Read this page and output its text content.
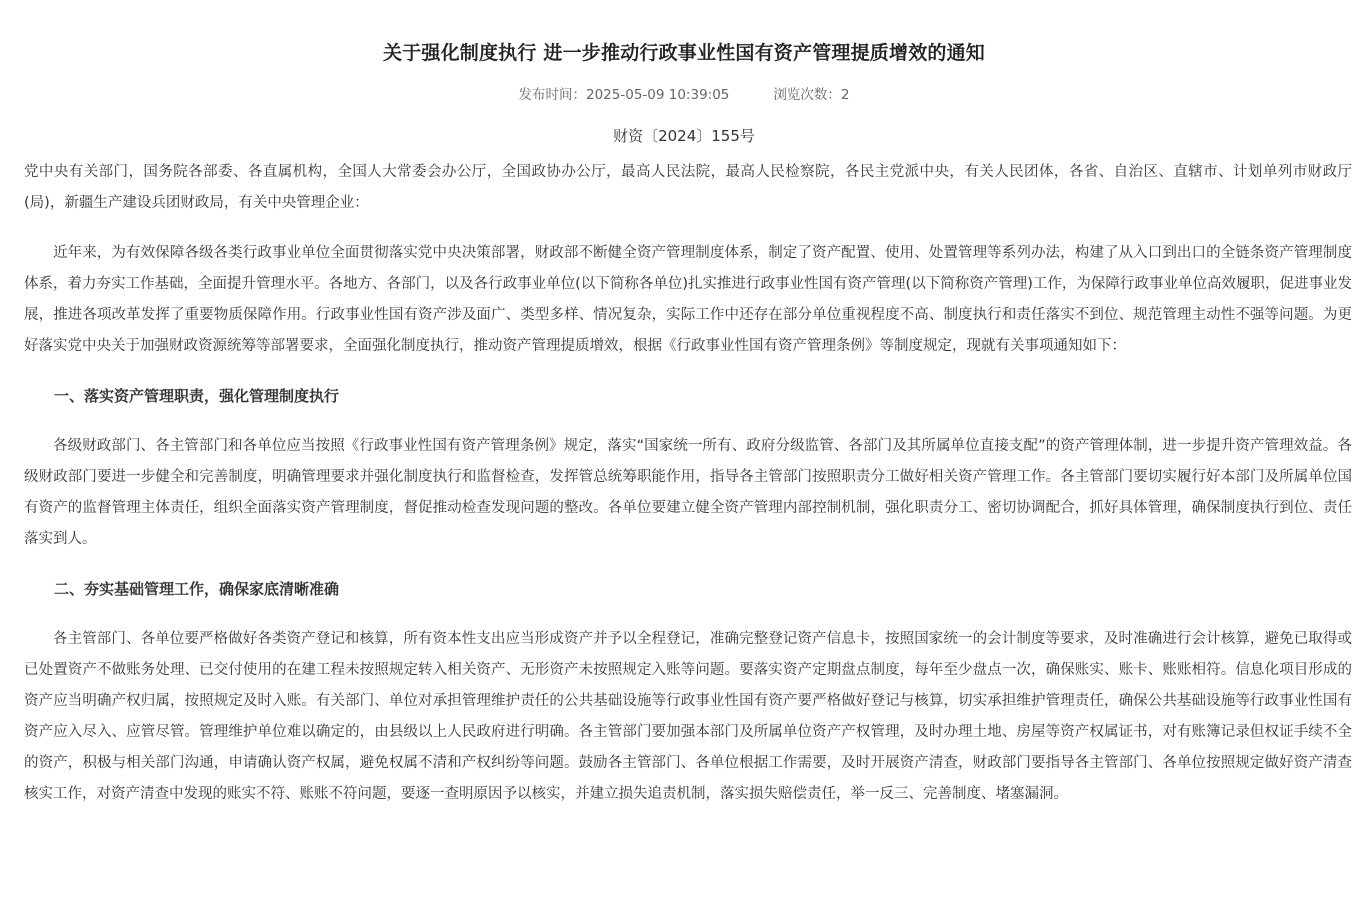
关于强化制度执行 进一步推动行政事业性国有资产管理提质增效的通知
发布时间：2025-05-09 10:39:05	浏览次数：2
财资〔2024〕155号

党中央有关部门，国务院各部委、各直属机构，全国人大常委会办公厅，全国政协办公厅，最高人民法院，最高人民检察院，各民主党派中央，有关人民团体，各省、自治区、直辖市、计划单列市财政厅(局)，新疆生产建设兵团财政局，有关中央管理企业：

近年来，为有效保障各级各类行政事业单位全面贯彻落实党中央决策部署，财政部不断健全资产管理制度体系，制定了资产配置、使用、处置管理等系列办法，构建了从入口到出口的全链条资产管理制度体系，着力夯实工作基础，全面提升管理水平。各地方、各部门，以及各行政事业单位(以下简称各单位)扎实推进行政事业性国有资产管理(以下简称资产管理)工作，为保障行政事业单位高效履职，促进事业发展，推进各项改革发挥了重要物质保障作用。行政事业性国有资产涉及面广、类型多样、情况复杂，实际工作中还存在部分单位重视程度不高、制度执行和责任落实不到位、规范管理主动性不强等问题。为更好落实党中央关于加强财政资源统筹等部署要求，全面强化制度执行，推动资产管理提质增效，根据《行政事业性国有资产管理条例》等制度规定，现就有关事项通知如下：

一、落实资产管理职责，强化管理制度执行

各级财政部门、各主管部门和各单位应当按照《行政事业性国有资产管理条例》规定，落实“国家统一所有、政府分级监管、各部门及其所属单位直接支配”的资产管理体制，进一步提升资产管理效益。各级财政部门要进一步健全和完善制度，明确管理要求并强化制度执行和监督检查，发挥管总统筹职能作用，指导各主管部门按照职责分工做好相关资产管理工作。各主管部门要切实履行好本部门及所属单位国有资产的监督管理主体责任，组织全面落实资产管理制度，督促推动检查发现问题的整改。各单位要建立健全资产管理内部控制机制，强化职责分工、密切协调配合，抓好具体管理，确保制度执行到位、责任落实到人。

二、夯实基础管理工作，确保家底清晰准确

各主管部门、各单位要严格做好各类资产登记和核算，所有资本性支出应当形成资产并予以全程登记，准确完整登记资产信息卡，按照国家统一的会计制度等要求，及时准确进行会计核算，避免已取得或已处置资产不做账务处理、已交付使用的在建工程未按照规定转入相关资产、无形资产未按照规定入账等问题。要落实资产定期盘点制度，每年至少盘点一次，确保账实、账卡、账账相符。信息化项目形成的资产应当明确产权归属，按照规定及时入账。有关部门、单位对承担管理维护责任的公共基础设施等行政事业性国有资产要严格做好登记与核算，切实承担维护管理责任，确保公共基础设施等行政事业性国有资产应入尽入、应管尽管。管理维护单位难以确定的，由县级以上人民政府进行明确。各主管部门要加强本部门及所属单位资产产权管理，及时办理土地、房屋等资产权属证书，对有账簿记录但权证手续不全的资产，积极与相关部门沟通，申请确认资产权属，避免权属不清和产权纠纷等问题。鼓励各主管部门、各单位根据工作需要，及时开展资产清查，财政部门要指导各主管部门、各单位按照规定做好资产清查核实工作，对资产清查中发现的账实不符、账账不符问题，要逐一查明原因予以核实，并建立损失追责机制，落实损失赔偿责任，举一反三、完善制度、堵塞漏洞。
